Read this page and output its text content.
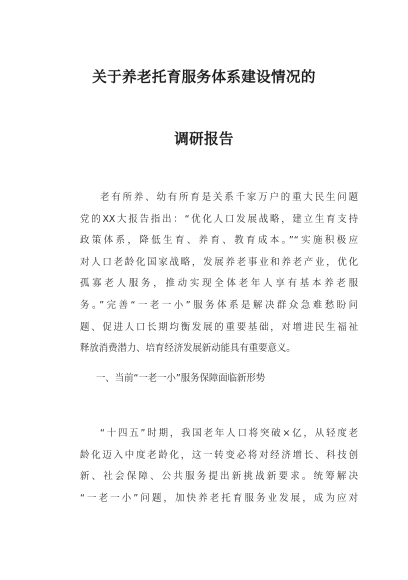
关于养老托育服务体系建设情况的
调研报告
老有所养、幼有所育是关系千家万户的重大民生问题
党的XX大报告指出：“优化人口发展战略，建立生育支持
政策体系，降低生育、养育、教育成本。”“实施积极应
对人口老龄化国家战略，发展养老事业和养老产业，优化
孤寡老人服务，推动实现全体老年人享有基本养老服
务。”完善“一老一小”服务体系是解决群众急难愁盼问
题、促进人口长期均衡发展的重要基础，对增进民生福祉
释放消费潜力、培育经济发展新动能具有重要意义。
一、当前“一老一小”服务保障面临新形势
“十四五”时期，我国老年人口将突破×亿，从轻度老
龄化迈入中度老龄化，这一转变必将对经济增长、科技创
新、社会保障、公共服务提出新挑战新要求。统筹解决
“一老一小”问题，加快养老托育服务业发展，成为应对
